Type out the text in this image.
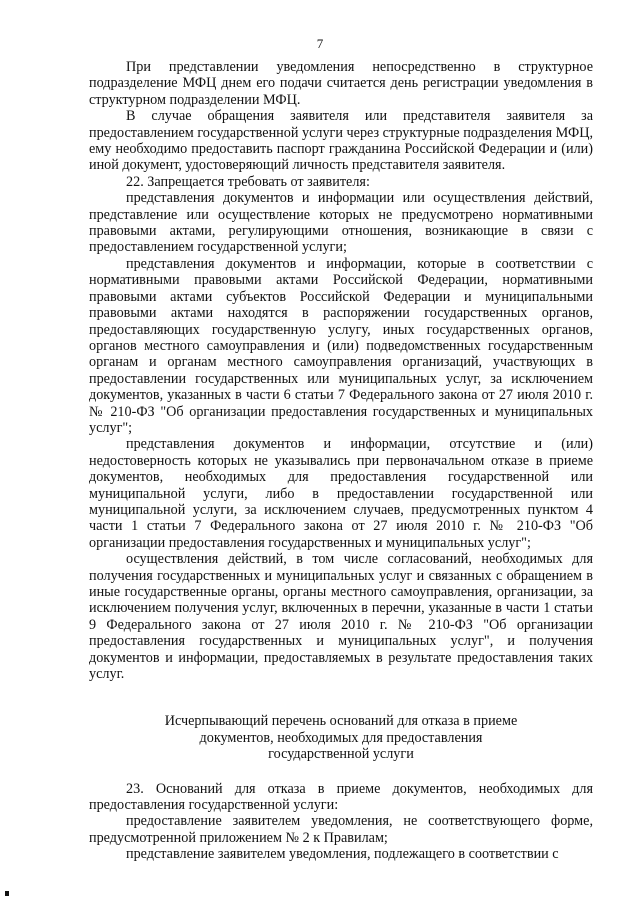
7

При представлении уведомления непосредственно в структурное подразделение МФЦ днем его подачи считается день регистрации уведомления в структурном подразделении МФЦ.

В случае обращения заявителя или представителя заявителя за предоставлением государственной услуги через структурные подразделения МФЦ, ему необходимо предоставить паспорт гражданина Российской Федерации и (или) иной документ, удостоверяющий личность представителя заявителя.

22. Запрещается требовать от заявителя:

представления документов и информации или осуществления действий, представление или осуществление которых не предусмотрено нормативными правовыми актами, регулирующими отношения, возникающие в связи с предоставлением государственной услуги;

представления документов и информации, которые в соответствии с нормативными правовыми актами Российской Федерации, нормативными правовыми актами субъектов Российской Федерации и муниципальными правовыми актами находятся в распоряжении государственных органов, предоставляющих государственную услугу, иных государственных органов, органов местного самоуправления и (или) подведомственных государственным органам и органам местного самоуправления организаций, участвующих в предоставлении государственных или муниципальных услуг, за исключением документов, указанных в части 6 статьи 7 Федерального закона от 27 июля 2010 г. № 210-ФЗ "Об организации предоставления государственных и муниципальных услуг";

представления документов и информации, отсутствие и (или) недостоверность которых не указывались при первоначальном отказе в приеме документов, необходимых для предоставления государственной или муниципальной услуги, либо в предоставлении государственной или муниципальной услуги, за исключением случаев, предусмотренных пунктом 4 части 1 статьи 7 Федерального закона от 27 июля 2010 г. № 210-ФЗ "Об организации предоставления государственных и муниципальных услуг";

осуществления действий, в том числе согласований, необходимых для получения государственных и муниципальных услуг и связанных с обращением в иные государственные органы, органы местного самоуправления, организации, за исключением получения услуг, включенных в перечни, указанные в части 1 статьи 9 Федерального закона от 27 июля 2010 г. № 210-ФЗ "Об организации предоставления государственных и муниципальных услуг", и получения документов и информации, предоставляемых в результате предоставления таких услуг.

Исчерпывающий перечень оснований для отказа в приеме
документов, необходимых для предоставления
государственной услуги

23. Оснований для отказа в приеме документов, необходимых для предоставления государственной услуги:

предоставление заявителем уведомления, не соответствующего форме, предусмотренной приложением № 2 к Правилам;

представление заявителем уведомления, подлежащего в соответствии с
